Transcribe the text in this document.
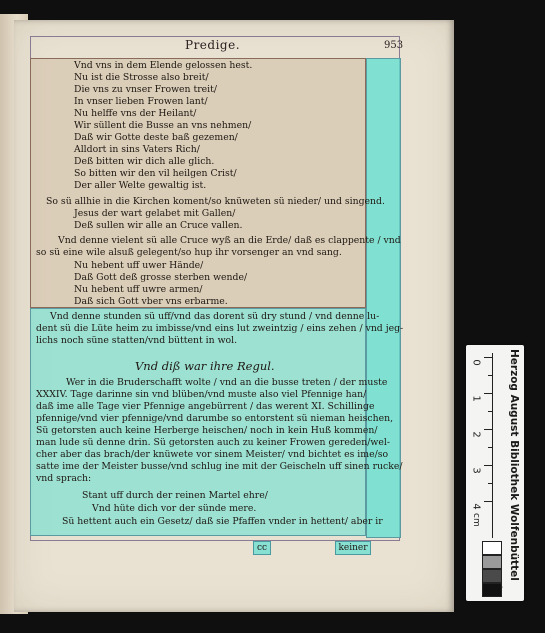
Predige.	953
Vnd vns in dem Elende gelossen hest.
Nu ist die Strosse also breit/
Die vns zu vnser Frowen treit/
In vnser lieben Frowen lant/
Nu helffe vns der Heilant/
Wir süllent die Busse an vns nehmen/
Daß wir Gotte deste baß gezemen/
Alldort in sins Vaters Rich/
Deß bitten wir dich alle glich.
So bitten wir den vil heilgen Crist/
Der aller Welte gewaltig ist.
So sü allhie in die Kirchen koment/so knüweten sü nieder/ und singend.
Jesus der wart gelabet mit Gallen/
Deß sullen wir alle an Cruce vallen.
Vnd denne vielent sü alle Cruce wyß an die Erde/ daß es clappente / vnd
so sü eine wile alsuß gelegent/so hup ihr vorsenger an vnd sang.
Nu hebent uff uwer Hände/
Daß Gott deß grosse sterben wende/
Nu hebent uff uwre armen/
Daß sich Gott vber vns erbarme.
Vnd denne stunden sü uff/vnd das dorent sü dry stund / vnd denne lu-
dent sü die Lüte heim zu imbisse/vnd eins lut zweintzig / eins zehen / vnd jeg-
lichs noch süne statten/vnd büttent in wol.
Vnd diß war ihre Regul.
Wer in die Bruderschafft wolte / vnd an die busse treten / der muste
XXXIV. Tage darinne sin vnd blüben/vnd muste also viel Pfennige han/
daß ime alle Tage vier Pfennige angebürrent / das werent XI. Schillinge
pfennige/vnd vier pfennige/vnd darumbe so entorstent sü nieman heischen,
Sü getorsten auch keine Herberge heischen/ noch in kein Huß kommen/
man lude sü denne drin. Sü getorsten auch zu keiner Frowen gereden/wel-
cher aber das brach/der knüwete vor sinem Meister/ vnd bichtet es ime/so
satte ime der Meister busse/vnd schlug ine mit der Geischeln uff sinen rucke/
vnd sprach:
Stant uff durch der reinen Martel ehre/
Vnd hüte dich vor der sünde mere.
Sü hettent auch ein Gesetz/ daß sie Pfaffen vnder in hettent/ aber ir
cc	keiner
0
1
2
3
4
cm	Herzog August Bibliothek Wolfenbüttel
